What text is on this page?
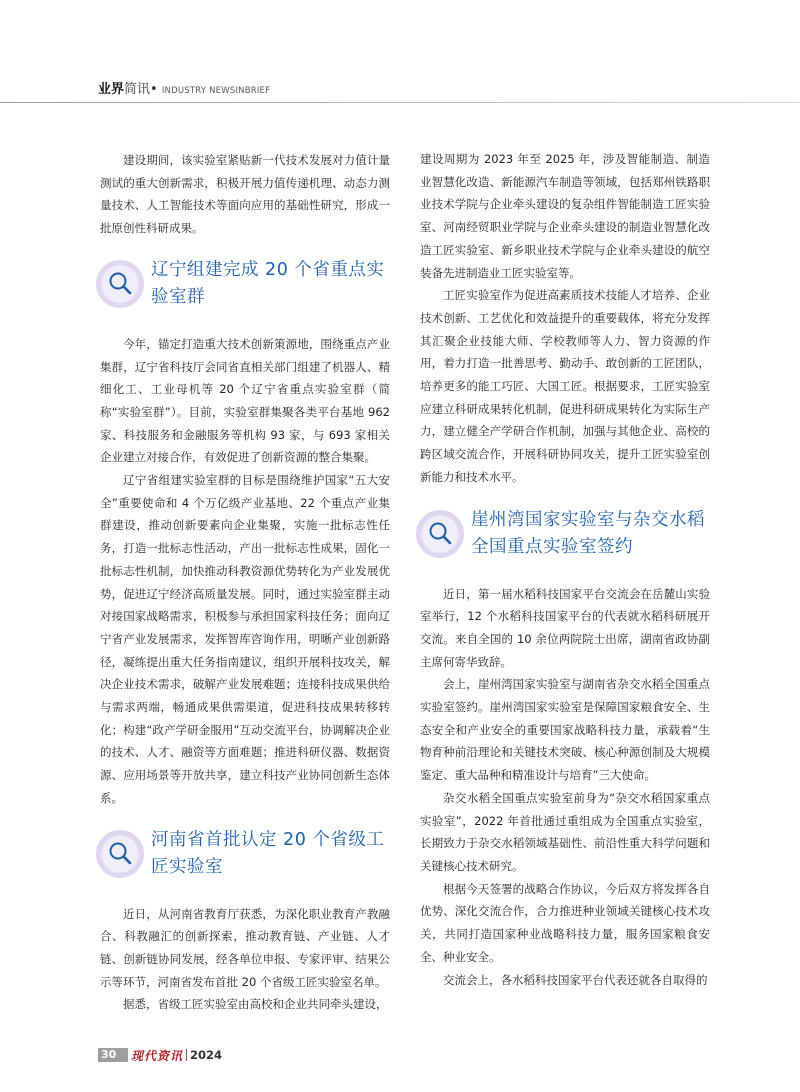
业界简讯• INDUSTRY NEWSINBRIEF

建设期间，该实验室紧贴新一代技术发展对力值计量测试的重大创新需求，积极开展力值传递机理、动态力测量技术、人工智能技术等面向应用的基础性研究，形成一批原创性科研成果。

辽宁组建完成 20 个省重点实验室群

今年，锚定打造重大技术创新策源地，围绕重点产业集群，辽宁省科技厅会同省直相关部门组建了机器人、精细化工、工业母机等 20 个辽宁省重点实验室群（简称“实验室群”）。目前，实验室群集聚各类平台基地 962 家、科技服务和金融服务等机构 93 家，与 693 家相关企业建立对接合作，有效促进了创新资源的整合集聚。

辽宁省组建实验室群的目标是围绕维护国家“五大安全”重要使命和 4 个万亿级产业基地、22 个重点产业集群建设，推动创新要素向企业集聚，实施一批标志性任务，打造一批标志性活动，产出一批标志性成果，固化一批标志性机制，加快推动科教资源优势转化为产业发展优势，促进辽宁经济高质量发展。同时，通过实验室群主动对接国家战略需求，积极参与承担国家科技任务；面向辽宁省产业发展需求，发挥智库咨询作用，明晰产业创新路径，凝练提出重大任务指南建议，组织开展科技攻关，解决企业技术需求，破解产业发展难题；连接科技成果供给与需求两端，畅通成果供需渠道，促进科技成果转移转化；构建“政产学研金服用”互动交流平台，协调解决企业的技术、人才、融资等方面难题；推进科研仪器、数据资源、应用场景等开放共享，建立科技产业协同创新生态体系。

河南省首批认定 20 个省级工匠实验室

近日，从河南省教育厅获悉，为深化职业教育产教融合、科教融汇的创新探索，推动教育链、产业链、人才链、创新链协同发展，经各单位申报、专家评审、结果公示等环节，河南省发布首批 20 个省级工匠实验室名单。

据悉，省级工匠实验室由高校和企业共同牵头建设，

建设周期为 2023 年至 2025 年，涉及智能制造、制造业智慧化改造、新能源汽车制造等领域，包括郑州铁路职业技术学院与企业牵头建设的复杂组件智能制造工匠实验室、河南经贸职业学院与企业牵头建设的制造业智慧化改造工匠实验室、新乡职业技术学院与企业牵头建设的航空装备先进制造业工匠实验室等。

工匠实验室作为促进高素质技术技能人才培养、企业技术创新、工艺优化和效益提升的重要载体，将充分发挥其汇聚企业技能大师、学校教师等人力、智力资源的作用，着力打造一批善思考、勤动手、敢创新的工匠团队，培养更多的能工巧匠、大国工匠。根据要求，工匠实验室应建立科研成果转化机制，促进科研成果转化为实际生产力，建立健全产学研合作机制，加强与其他企业、高校的跨区域交流合作，开展科研协同攻关，提升工匠实验室创新能力和技术水平。

崖州湾国家实验室与杂交水稻全国重点实验室签约

近日，第一届水稻科技国家平台交流会在岳麓山实验室举行，12 个水稻科技国家平台的代表就水稻科研展开交流。来自全国的 10 余位两院院士出席，湖南省政协副主席何寄华致辞。

会上，崖州湾国家实验室与湖南省杂交水稻全国重点实验室签约。崖州湾国家实验室是保障国家粮食安全、生态安全和产业安全的重要国家战略科技力量，承载着“生物育种前沿理论和关键技术突破、核心种源创制及大规模鉴定、重大品种和精准设计与培育”三大使命。

杂交水稻全国重点实验室前身为“杂交水稻国家重点实验室”，2022 年首批通过重组成为全国重点实验室，长期致力于杂交水稻领域基础性、前沿性重大科学问题和关键核心技术研究。

根据今天签署的战略合作协议，今后双方将发挥各自优势、深化交流合作，合力推进种业领域关键核心技术攻关，共同打造国家种业战略科技力量，服务国家粮食安全、种业安全。

交流会上，各水稻科技国家平台代表还就各自取得的

30	现代资讯 2024
